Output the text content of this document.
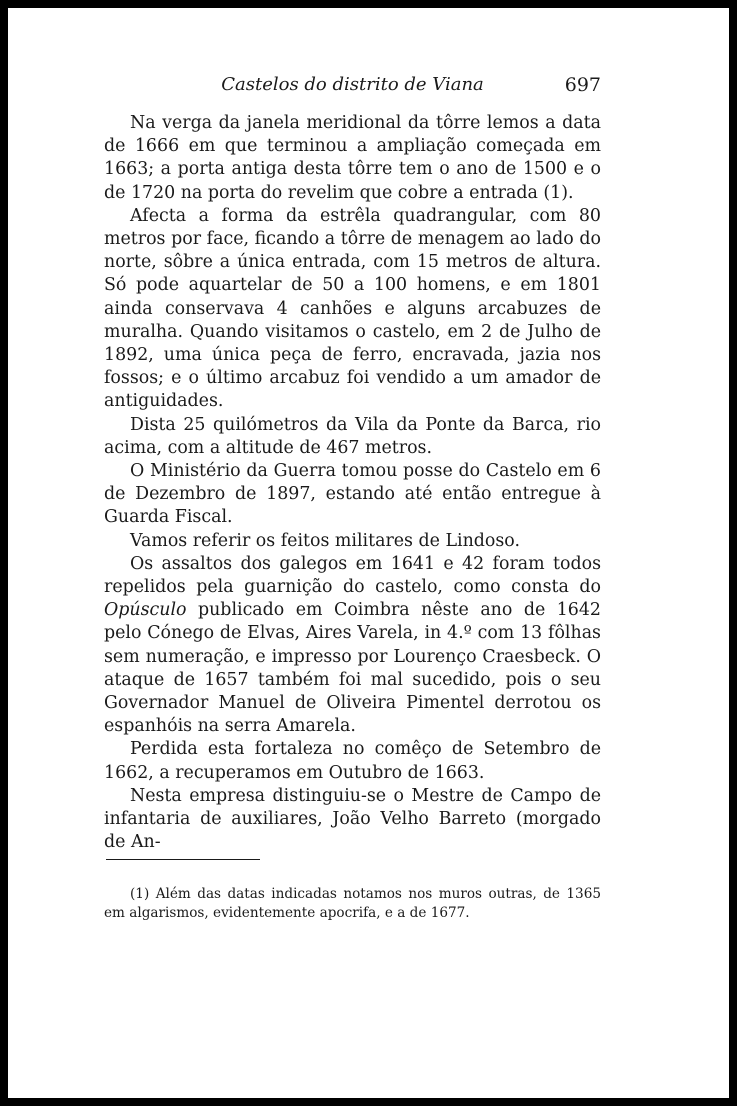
Castelos do distrito de Viana	697

Na verga da janela meridional da tôrre lemos a data de 1666 em que terminou a ampliação começada em 1663; a porta antiga desta tôrre tem o ano de 1500 e o de 1720 na porta do revelim que cobre a entrada (1).

Afecta a forma da estrêla quadrangular, com 80 metros por face, ficando a tôrre de menagem ao lado do norte, sôbre a única entrada, com 15 metros de altura. Só pode aquartelar de 50 a 100 homens, e em 1801 ainda conservava 4 canhões e alguns arcabuzes de muralha. Quando visitamos o castelo, em 2 de Julho de 1892, uma única peça de ferro, encravada, jazia nos fossos; e o último arcabuz foi vendido a um amador de antiguidades.

Dista 25 quilómetros da Vila da Ponte da Barca, rio acima, com a altitude de 467 metros.

O Ministério da Guerra tomou posse do Castelo em 6 de Dezembro de 1897, estando até então entregue à Guarda Fiscal.

Vamos referir os feitos militares de Lindoso.

Os assaltos dos galegos em 1641 e 42 foram todos repelidos pela guarnição do castelo, como consta do Opúsculo publicado em Coimbra nêste ano de 1642 pelo Cónego de Elvas, Aires Varela, in 4.º com 13 fôlhas sem numeração, e impresso por Lourenço Craesbeck. O ataque de 1657 também foi mal sucedido, pois o seu Governador Manuel de Oliveira Pimentel derrotou os espanhóis na serra Amarela.

Perdida esta fortaleza no comêço de Setembro de 1662, a recuperamos em Outubro de 1663.

Nesta empresa distinguiu-se o Mestre de Campo de infantaria de auxiliares, João Velho Barreto (morgado de An-

(1) Além das datas indicadas notamos nos muros outras, de 1365 em algarismos, evidentemente apocrifa, e a de 1677.
